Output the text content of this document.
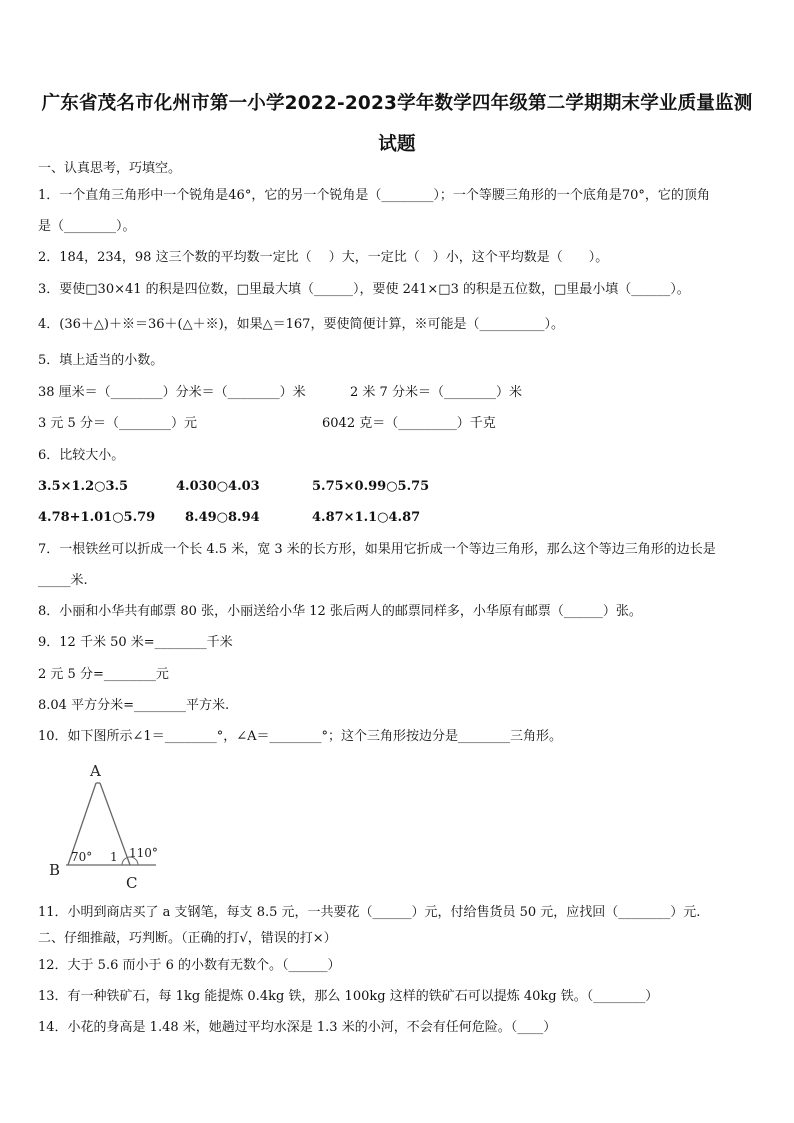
广东省茂名市化州市第一小学2022-2023学年数学四年级第二学期期末学业质量监测
试题
一、认真思考，巧填空。
1．一个直角三角形中一个锐角是46°，它的另一个锐角是（________）；一个等腰三角形的一个底角是70°，它的顶角
是（________）。
2．184，234，98 这三个数的平均数一定比（　 ）大，一定比（　）小，这个平均数是（　　）。
3．要使□30×41 的积是四位数，□里最大填（______），要使 241×□3 的积是五位数，□里最小填（______）。
4．(36＋△)＋※＝36＋(△＋※)，如果△＝167，要使简便计算，※可能是（__________）。
5．填上适当的小数。
38 厘米＝（________）分米＝（________）米	2 米 7 分米＝（________）米
3 元 5 分＝（________）元	6042 克＝（_________）千克
6．比较大小。
3.5×1.2○3.5	4.030○4.03	5.75×0.99○5.75
4.78+1.01○5.79 8.49○8.94	4.87×1.1○4.87
7．一根铁丝可以折成一个长 4.5 米，宽 3 米的长方形，如果用它折成一个等边三角形，那么这个等边三角形的边长是
_____米.
8．小丽和小华共有邮票 80 张，小丽送给小华 12 张后两人的邮票同样多，小华原有邮票（______）张。
9．12 千米 50 米=________千米
2 元 5 分=________元
8.04 平方分米=________平方米.
10．如下图所示∠1＝________°，∠A＝________°；这个三角形按边分是________三角形。
A
B
C
70° 1 110°
11．小明到商店买了 a 支钢笔，每支 8.5 元，一共要花（______）元，付给售货员 50 元，应找回（________）元.
二、仔细推敲，巧判断。（正确的打√，错误的打×）
12．大于 5.6 而小于 6 的小数有无数个。（______）
13．有一种铁矿石，每 1kg 能提炼 0.4kg 铁，那么 100kg 这样的铁矿石可以提炼 40kg 铁。（________）
14．小花的身高是 1.48 米，她趟过平均水深是 1.3 米的小河，不会有任何危险。（____）
